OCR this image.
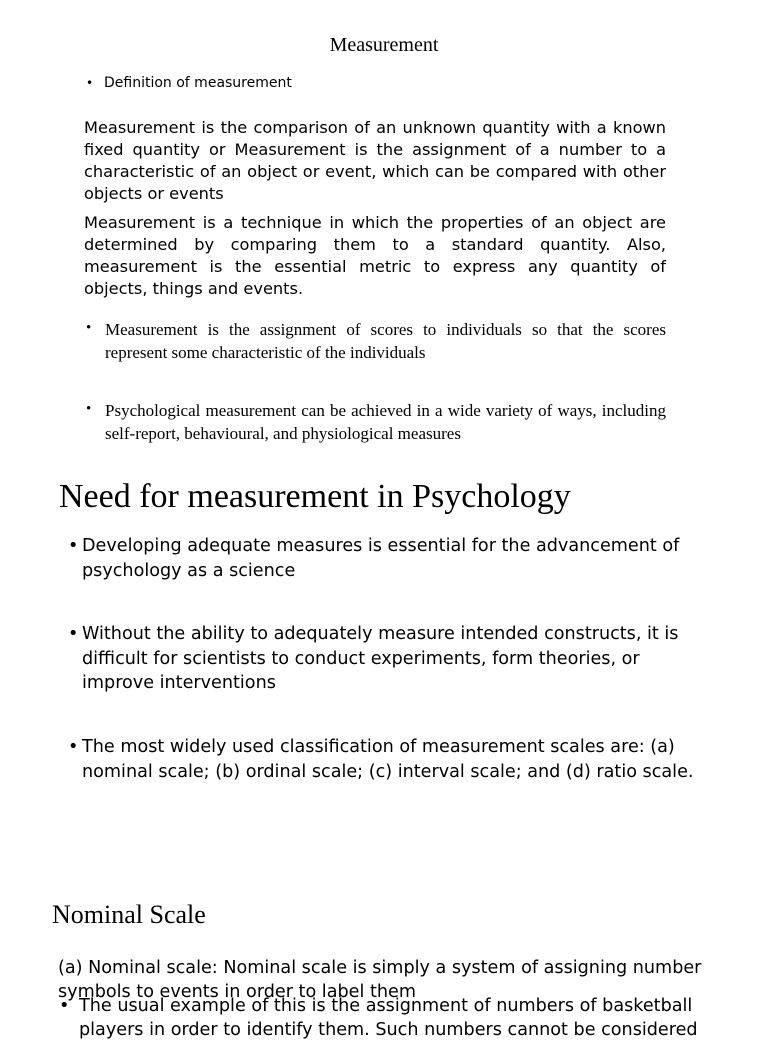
Measurement
• Definition of measurement

Measurement is the comparison of an unknown quantity with a known fixed quantity or Measurement is the assignment of a number to a characteristic of an object or event, which can be compared with other objects or events

Measurement is a technique in which the properties of an object are determined by comparing them to a standard quantity. Also, measurement is the essential metric to express any quantity of objects, things and events.

• Measurement is the assignment of scores to individuals so that the scores represent some characteristic of the individuals
• Psychological measurement can be achieved in a wide variety of ways, including self-report, behavioural, and physiological measures
Need for measurement in Psychology
• Developing adequate measures is essential for the advancement of psychology as a science
• Without the ability to adequately measure intended constructs, it is difficult for scientists to conduct experiments, form theories, or improve interventions
• The most widely used classification of measurement scales are: (a) nominal scale; (b) ordinal scale; (c) interval scale; and (d) ratio scale.
Nominal Scale

(a) Nominal scale: Nominal scale is simply a system of assigning number symbols to events in order to label them

• The usual example of this is the assignment of numbers of basketball players in order to identify them. Such numbers cannot be considered
